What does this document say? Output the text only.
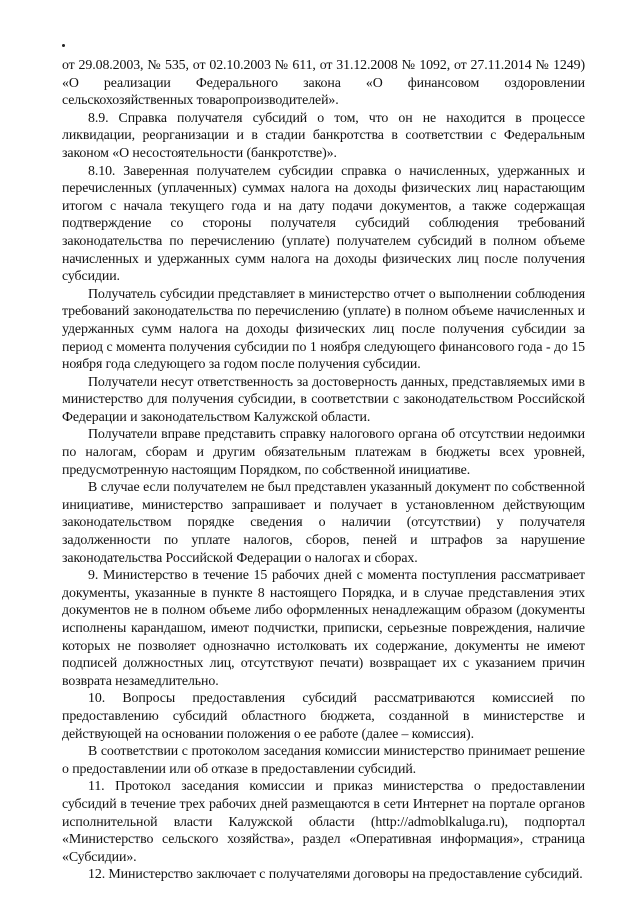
от 29.08.2003, № 535, от 02.10.2003 № 611, от 31.12.2008 № 1092, от 27.11.2014 № 1249) «О реализации Федерального закона «О финансовом оздоровлении сельскохозяйственных товаропроизводителей».

8.9. Справка получателя субсидий о том, что он не находится в процессе ликвидации, реорганизации и в стадии банкротства в соответствии с Федеральным законом «О несостоятельности (банкротстве)».

8.10. Заверенная получателем субсидии справка о начисленных, удержанных и перечисленных (уплаченных) суммах налога на доходы физических лиц нарастающим итогом с начала текущего года и на дату подачи документов, а также содержащая подтверждение со стороны получателя субсидий соблюдения требований законодательства по перечислению (уплате) получателем субсидий в полном объеме начисленных и удержанных сумм налога на доходы физических лиц после получения субсидии.

Получатель субсидии представляет в министерство отчет о выполнении соблюдения требований законодательства по перечислению (уплате) в полном объеме начисленных и удержанных сумм налога на доходы физических лиц после получения субсидии за период с момента получения субсидии по 1 ноября следующего финансового года - до 15 ноября года следующего за годом после получения субсидии.

Получатели несут ответственность за достоверность данных, представляемых ими в министерство для получения субсидии, в соответствии с законодательством Российской Федерации и законодательством Калужской области.

Получатели вправе представить справку налогового органа об отсутствии недоимки по налогам, сборам и другим обязательным платежам в бюджеты всех уровней, предусмотренную настоящим Порядком, по собственной инициативе.

В случае если получателем не был представлен указанный документ по собственной инициативе, министерство запрашивает и получает в установленном действующим законодательством порядке сведения о наличии (отсутствии) у получателя задолженности по уплате налогов, сборов, пеней и штрафов за нарушение законодательства Российской Федерации о налогах и сборах.

9. Министерство в течение 15 рабочих дней с момента поступления рассматривает документы, указанные в пункте 8 настоящего Порядка, и в случае представления этих документов не в полном объеме либо оформленных ненадлежащим образом (документы исполнены карандашом, имеют подчистки, приписки, серьезные повреждения, наличие которых не позволяет однозначно истолковать их содержание, документы не имеют подписей должностных лиц, отсутствуют печати) возвращает их с указанием причин возврата незамедлительно.

10. Вопросы предоставления субсидий рассматриваются комиссией по предоставлению субсидий областного бюджета, созданной в министерстве и действующей на основании положения о ее работе (далее – комиссия).

В соответствии с протоколом заседания комиссии министерство принимает решение о предоставлении или об отказе в предоставлении субсидий.

11. Протокол заседания комиссии и приказ министерства о предоставлении субсидий в течение трех рабочих дней размещаются в сети Интернет на портале органов исполнительной власти Калужской области (http://admoblkaluga.ru), подпортал «Министерство сельского хозяйства», раздел «Оперативная информация», страница «Субсидии».

12. Министерство заключает с получателями договоры на предоставление субсидий.
